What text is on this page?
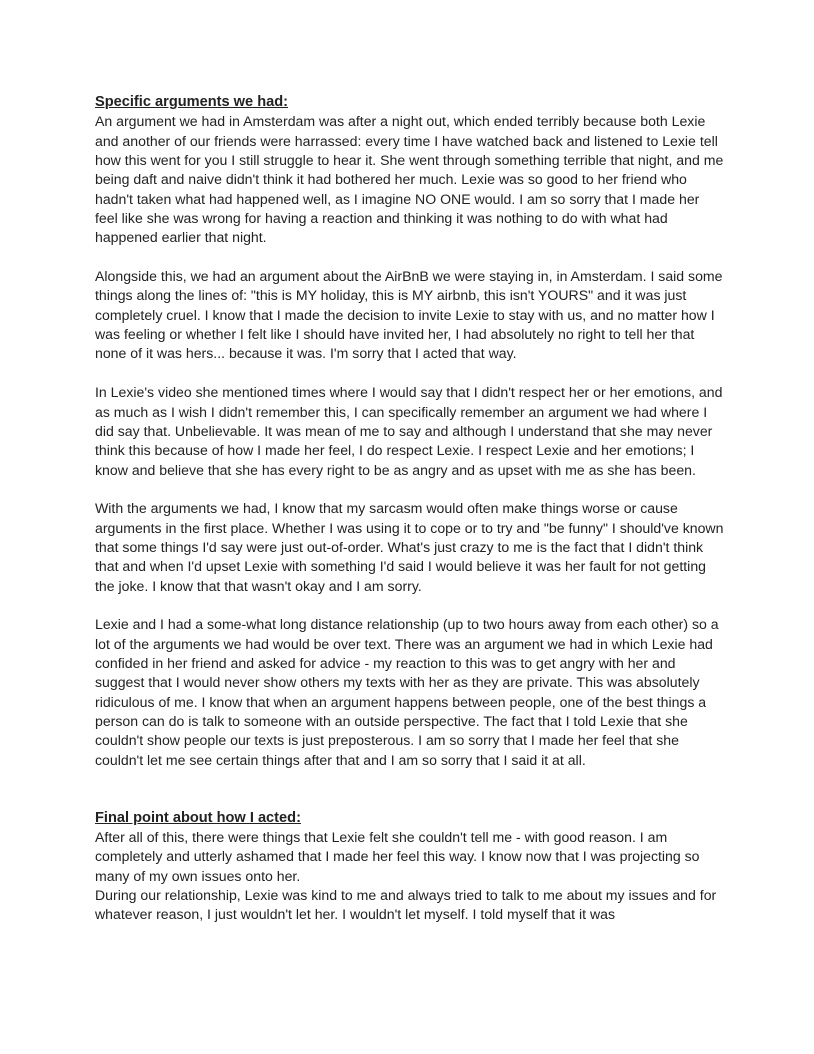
Specific arguments we had:

An argument we had in Amsterdam was after a night out, which ended terribly because both Lexie and another of our friends were harrassed: every time I have watched back and listened to Lexie tell how this went for you I still struggle to hear it. She went through something terrible that night, and me being daft and naive didn't think it had bothered her much. Lexie was so good to her friend who hadn't taken what had happened well, as I imagine NO ONE would. I am so sorry that I made her feel like she was wrong for having a reaction and thinking it was nothing to do with what had happened earlier that night.

Alongside this, we had an argument about the AirBnB we were staying in, in Amsterdam. I said some things along the lines of: "this is MY holiday, this is MY airbnb, this isn't YOURS" and it was just completely cruel. I know that I made the decision to invite Lexie to stay with us, and no matter how I was feeling or whether I felt like I should have invited her, I had absolutely no right to tell her that none of it was hers... because it was. I'm sorry that I acted that way.

In Lexie's video she mentioned times where I would say that I didn't respect her or her emotions, and as much as I wish I didn't remember this, I can specifically remember an argument we had where I did say that. Unbelievable. It was mean of me to say and although I understand that she may never think this because of how I made her feel, I do respect Lexie. I respect Lexie and her emotions; I know and believe that she has every right to be as angry and as upset with me as she has been.

With the arguments we had, I know that my sarcasm would often make things worse or cause arguments in the first place. Whether I was using it to cope or to try and "be funny" I should've known that some things I'd say were just out-of-order. What's just crazy to me is the fact that I didn't think that and when I'd upset Lexie with something I'd said I would believe it was her fault for not getting the joke. I know that that wasn't okay and I am sorry.

Lexie and I had a some-what long distance relationship (up to two hours away from each other) so a lot of the arguments we had would be over text. There was an argument we had in which Lexie had confided in her friend and asked for advice - my reaction to this was to get angry with her and suggest that I would never show others my texts with her as they are private. This was absolutely ridiculous of me. I know that when an argument happens between people, one of the best things a person can do is talk to someone with an outside perspective. The fact that I told Lexie that she couldn't show people our texts is just preposterous. I am so sorry that I made her feel that she couldn't let me see certain things after that and I am so sorry that I said it at all.

Final point about how I acted:

After all of this, there were things that Lexie felt she couldn't tell me - with good reason. I am completely and utterly ashamed that I made her feel this way. I know now that I was projecting so many of my own issues onto her.

During our relationship, Lexie was kind to me and always tried to talk to me about my issues and for whatever reason, I just wouldn't let her. I wouldn't let myself. I told myself that it was
